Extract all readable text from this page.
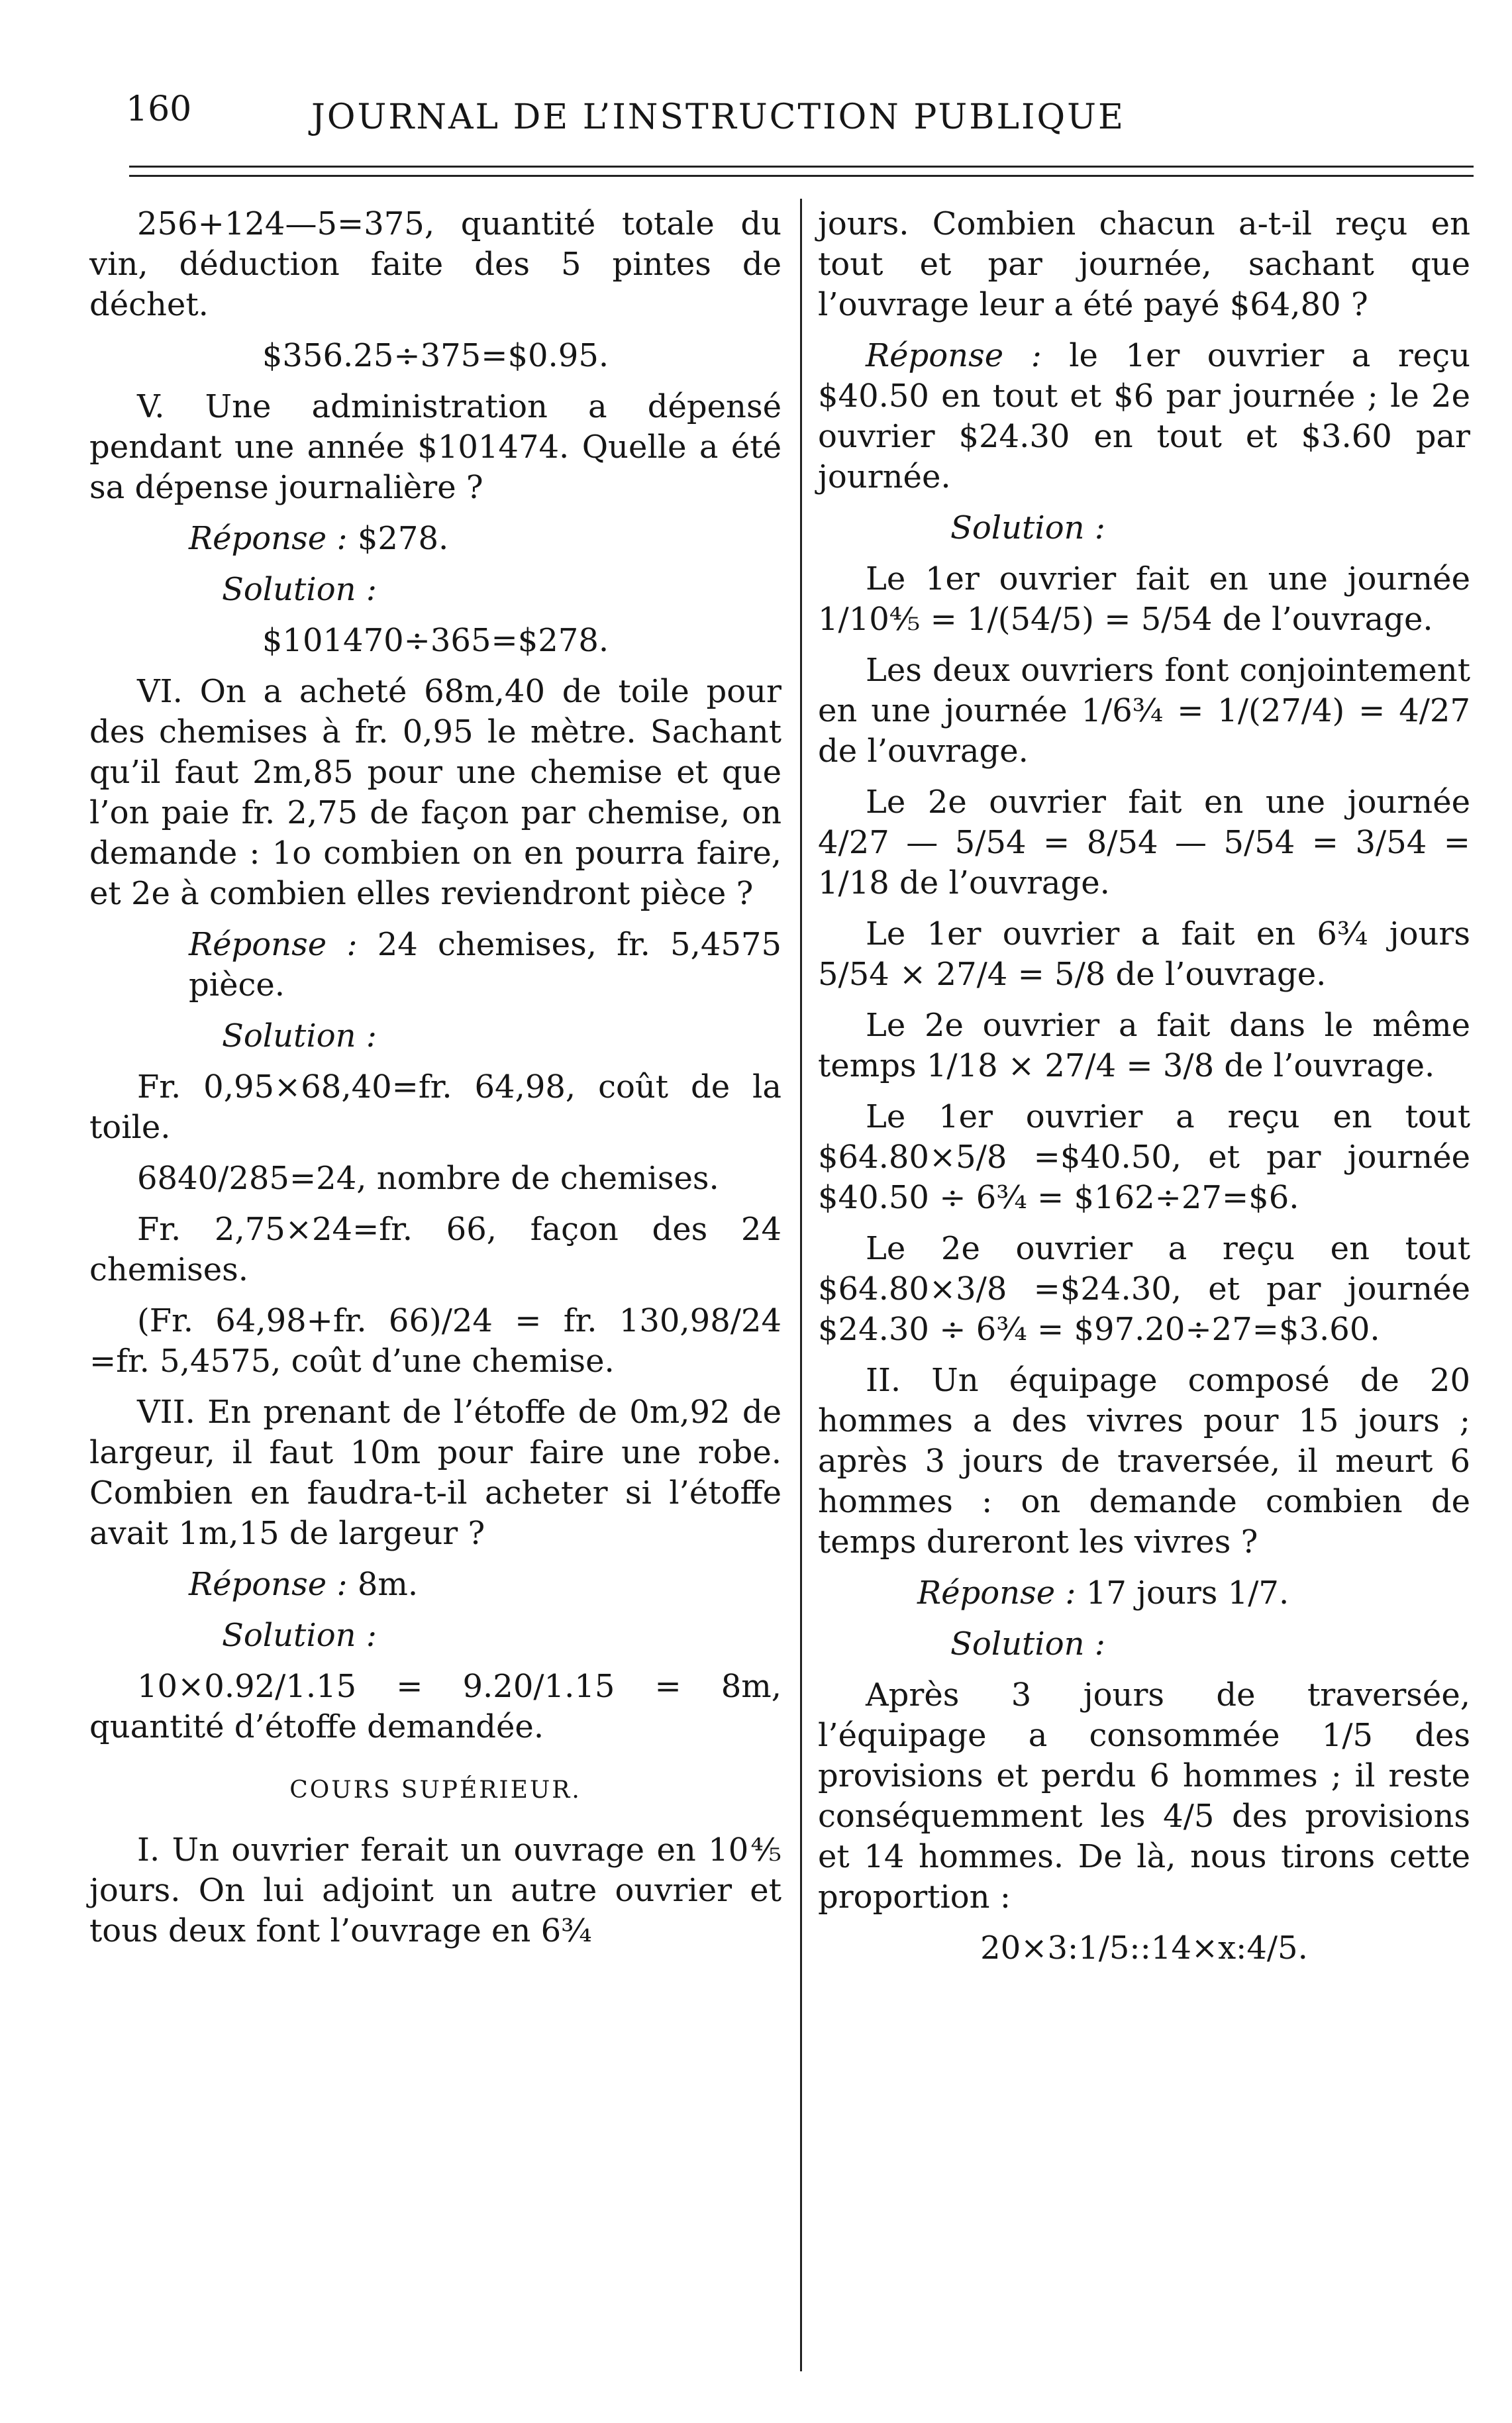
160	JOURNAL DE L’INSTRUCTION PUBLIQUE

256+124—5=375, quantité totale du vin, déduction faite des 5 pintes de déchet.

$356.25÷375=$0.95.

V. Une administration a dépensé pendant une année $101474. Quelle a été sa dépense journalière ?

Réponse : $278.

Solution :

$101470÷365=$278.

VI. On a acheté 68m,40 de toile pour des chemises à fr. 0,95 le mètre. Sachant qu’il faut 2m,85 pour une chemise et que l’on paie fr. 2,75 de façon par chemise, on demande : 1o combien on en pourra faire, et 2e à combien elles reviendront pièce ?

Réponse : 24 chemises, fr. 5,4575 pièce.

Solution :

Fr. 0,95×68,40=fr. 64,98, coût de la toile.

6840/285=24, nombre de chemises.

Fr. 2,75×24=fr. 66, façon des 24 chemises.

(Fr. 64,98+fr. 66)/24 = fr. 130,98/24 =fr. 5,4575, coût d’une chemise.

VII. En prenant de l’étoffe de 0m,92 de largeur, il faut 10m pour faire une robe. Combien en faudra-t-il acheter si l’étoffe avait 1m,15 de largeur ?

Réponse : 8m.

Solution :

10×0.92/1.15 = 9.20/1.15 = 8m, quantité d’étoffe demandée.

COURS SUPÉRIEUR.

I. Un ouvrier ferait un ouvrage en 10⅘ jours. On lui adjoint un autre ouvrier et tous deux font l’ouvrage en 6¾

jours. Combien chacun a-t-il reçu en tout et par journée, sachant que l’ouvrage leur a été payé $64,80 ?

Réponse : le 1er ouvrier a reçu $40.50 en tout et $6 par journée ; le 2e ouvrier $24.30 en tout et $3.60 par journée.

Solution :

Le 1er ouvrier fait en une journée 1/10⅘ = 1/(54/5) = 5/54 de l’ouvrage.

Les deux ouvriers font conjointement en une journée 1/6¾ = 1/(27/4) = 4/27 de l’ouvrage.

Le 2e ouvrier fait en une journée 4/27 — 5/54 = 8/54 — 5/54 = 3/54 = 1/18 de l’ouvrage.

Le 1er ouvrier a fait en 6¾ jours 5/54 × 27/4 = 5/8 de l’ouvrage.

Le 2e ouvrier a fait dans le même temps 1/18 × 27/4 = 3/8 de l’ouvrage.

Le 1er ouvrier a reçu en tout $64.80×5/8 =$40.50, et par journée $40.50 ÷ 6¾ = $162÷27=$6.

Le 2e ouvrier a reçu en tout $64.80×3/8 =$24.30, et par journée $24.30 ÷ 6¾ = $97.20÷27=$3.60.

II. Un équipage composé de 20 hommes a des vivres pour 15 jours ; après 3 jours de traversée, il meurt 6 hommes : on demande combien de temps dureront les vivres ?

Réponse : 17 jours 1/7.

Solution :

Après 3 jours de traversée, l’équipage a consommée 1/5 des provisions et perdu 6 hommes ; il reste conséquemment les 4/5 des provisions et 14 hommes. De là, nous tirons cette proportion :

20×3:1/5::14×x:4/5.
